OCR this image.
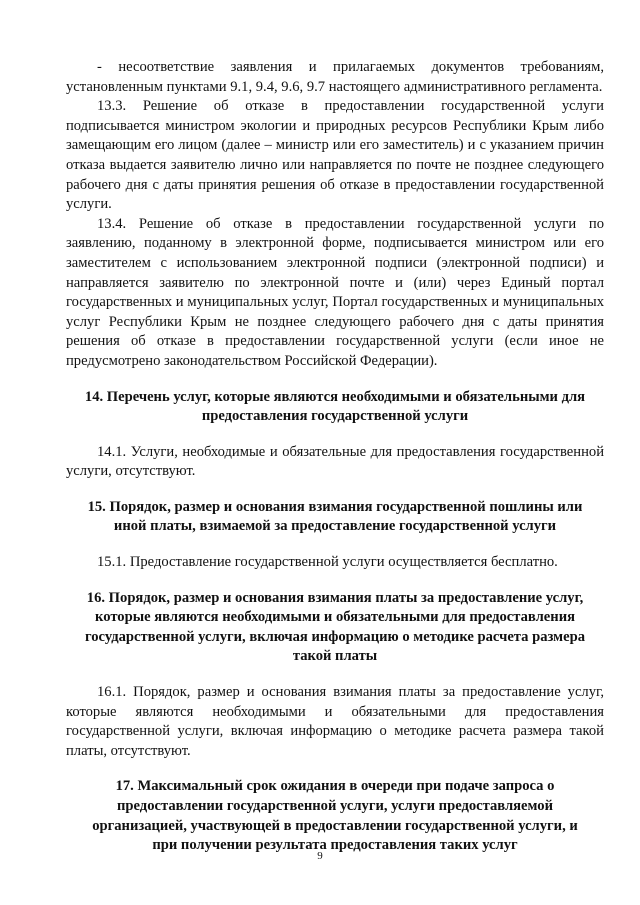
- несоответствие заявления и прилагаемых документов требованиям, установленным пунктами 9.1, 9.4, 9.6, 9.7 настоящего административного регламента.

13.3. Решение об отказе в предоставлении государственной услуги подписывается министром экологии и природных ресурсов Республики Крым либо замещающим его лицом (далее – министр или его заместитель) и с указанием причин отказа выдается заявителю лично или направляется по почте не позднее следующего рабочего дня с даты принятия решения об отказе в предоставлении государственной услуги.

13.4. Решение об отказе в предоставлении государственной услуги по заявлению, поданному в электронной форме, подписывается министром или его заместителем с использованием электронной подписи (электронной подписи) и направляется заявителю по электронной почте и (или) через Единый портал государственных и муниципальных услуг, Портал государственных и муниципальных услуг Республики Крым не позднее следующего рабочего дня с даты принятия решения об отказе в предоставлении государственной услуги (если иное не предусмотрено законодательством Российской Федерации).

14. Перечень услуг, которые являются необходимыми и обязательными для предоставления государственной услуги

14.1. Услуги, необходимые и обязательные для предоставления государственной услуги, отсутствуют.

15. Порядок, размер и основания взимания государственной пошлины или иной платы, взимаемой за предоставление государственной услуги

15.1. Предоставление государственной услуги осуществляется бесплатно.

16. Порядок, размер и основания взимания платы за предоставление услуг, которые являются необходимыми и обязательными для предоставления государственной услуги, включая информацию о методике расчета размера такой платы

16.1. Порядок, размер и основания взимания платы за предоставление услуг, которые являются необходимыми и обязательными для предоставления государственной услуги, включая информацию о методике расчета размера такой платы, отсутствуют.

17. Максимальный срок ожидания в очереди при подаче запроса о предоставлении государственной услуги, услуги предоставляемой организацией, участвующей в предоставлении государственной услуги, и при получении результата предоставления таких услуг
9
